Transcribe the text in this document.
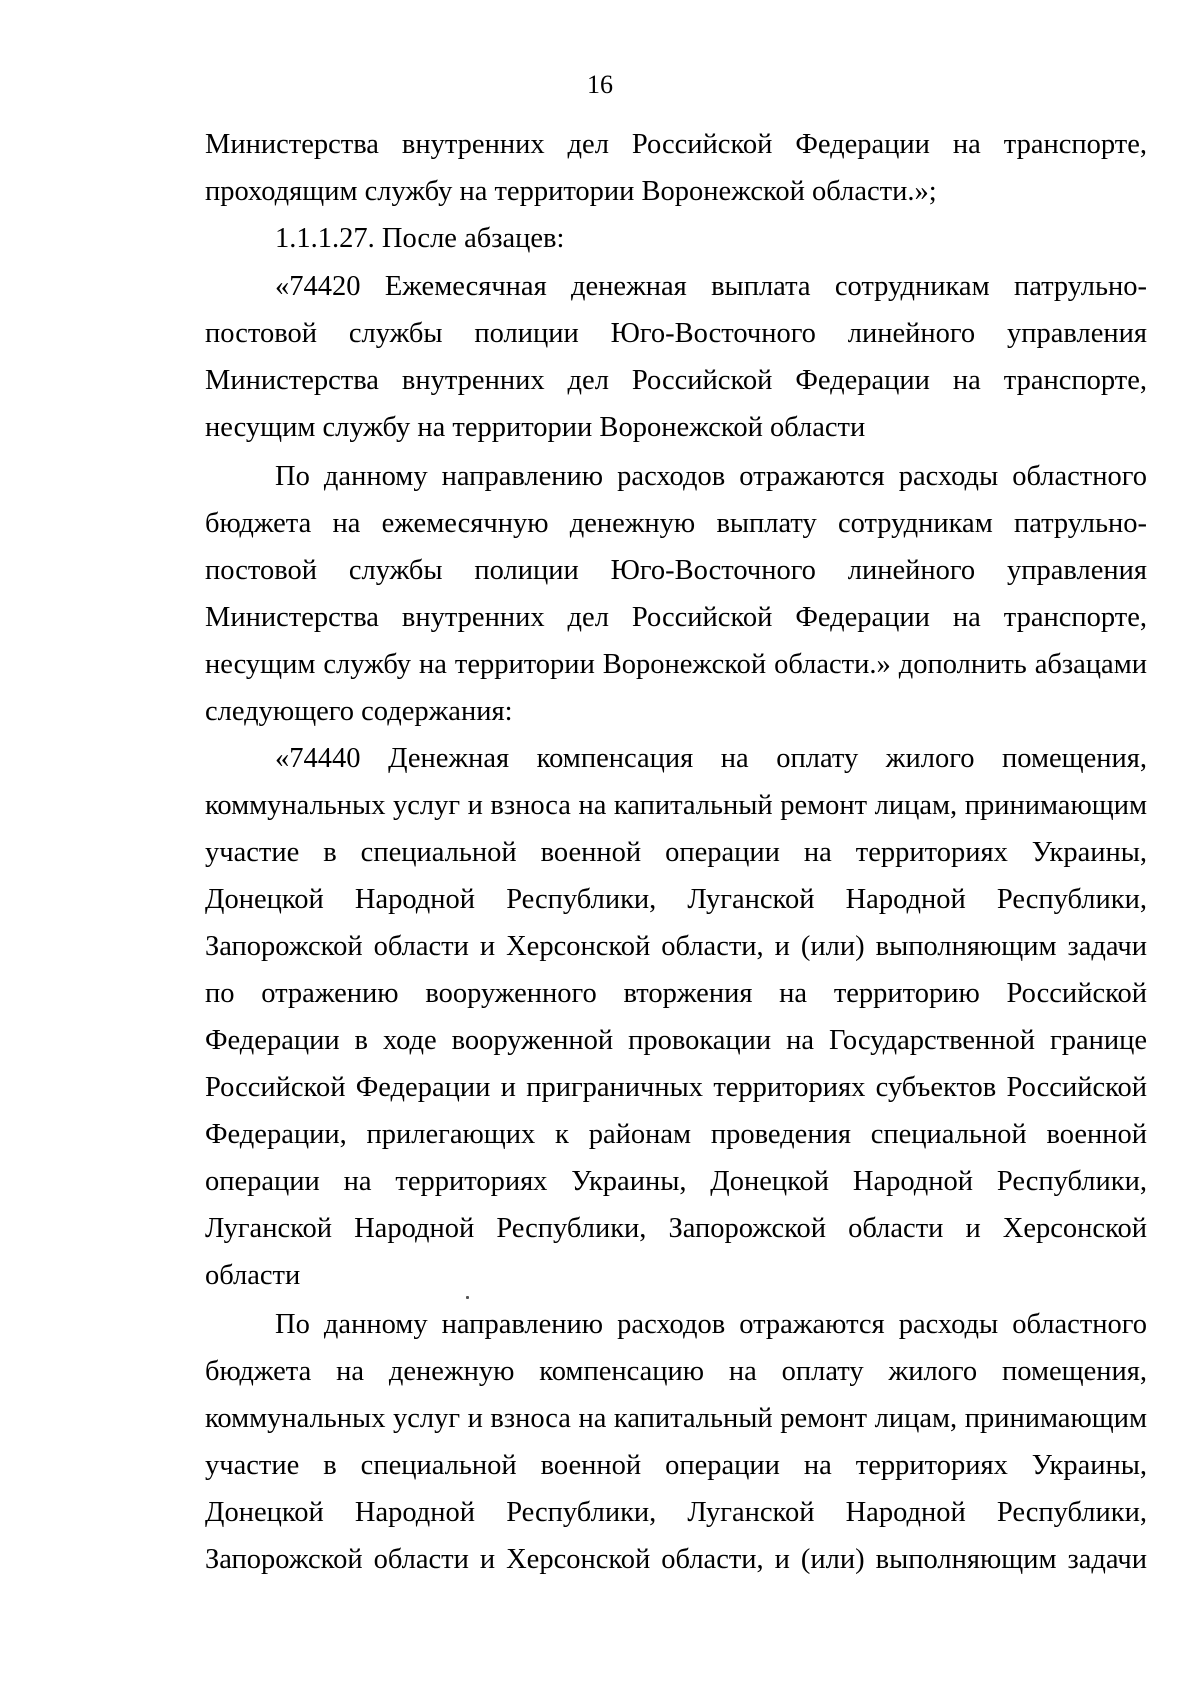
16
Министерства внутренних дел Российской Федерации на транспорте,
проходящим службу на территории Воронежской области.»;
1.1.1.27. После абзацев:
«74420 Ежемесячная денежная выплата сотрудникам патрульно-
постовой службы полиции Юго-Восточного линейного управления
Министерства внутренних дел Российской Федерации на транспорте,
несущим службу на территории Воронежской области
По данному направлению расходов отражаются расходы областного
бюджета на ежемесячную денежную выплату сотрудникам патрульно-
постовой службы полиции Юго-Восточного линейного управления
Министерства внутренних дел Российской Федерации на транспорте,
несущим службу на территории Воронежской области.» дополнить абзацами
следующего содержания:
«74440 Денежная компенсация на оплату жилого помещения,
коммунальных услуг и взноса на капитальный ремонт лицам, принимающим
участие в специальной военной операции на территориях Украины,
Донецкой Народной Республики, Луганской Народной Республики,
Запорожской области и Херсонской области, и (или) выполняющим задачи
по отражению вооруженного вторжения на территорию Российской
Федерации в ходе вооруженной провокации на Государственной границе
Российской Федерации и приграничных территориях субъектов Российской
Федерации, прилегающих к районам проведения специальной военной
операции на территориях Украины, Донецкой Народной Республики,
Луганской Народной Республики, Запорожской области и Херсонской
области
По данному направлению расходов отражаются расходы областного
бюджета на денежную компенсацию на оплату жилого помещения,
коммунальных услуг и взноса на капитальный ремонт лицам, принимающим
участие в специальной военной операции на территориях Украины,
Донецкой Народной Республики, Луганской Народной Республики,
Запорожской области и Херсонской области, и (или) выполняющим задачи
